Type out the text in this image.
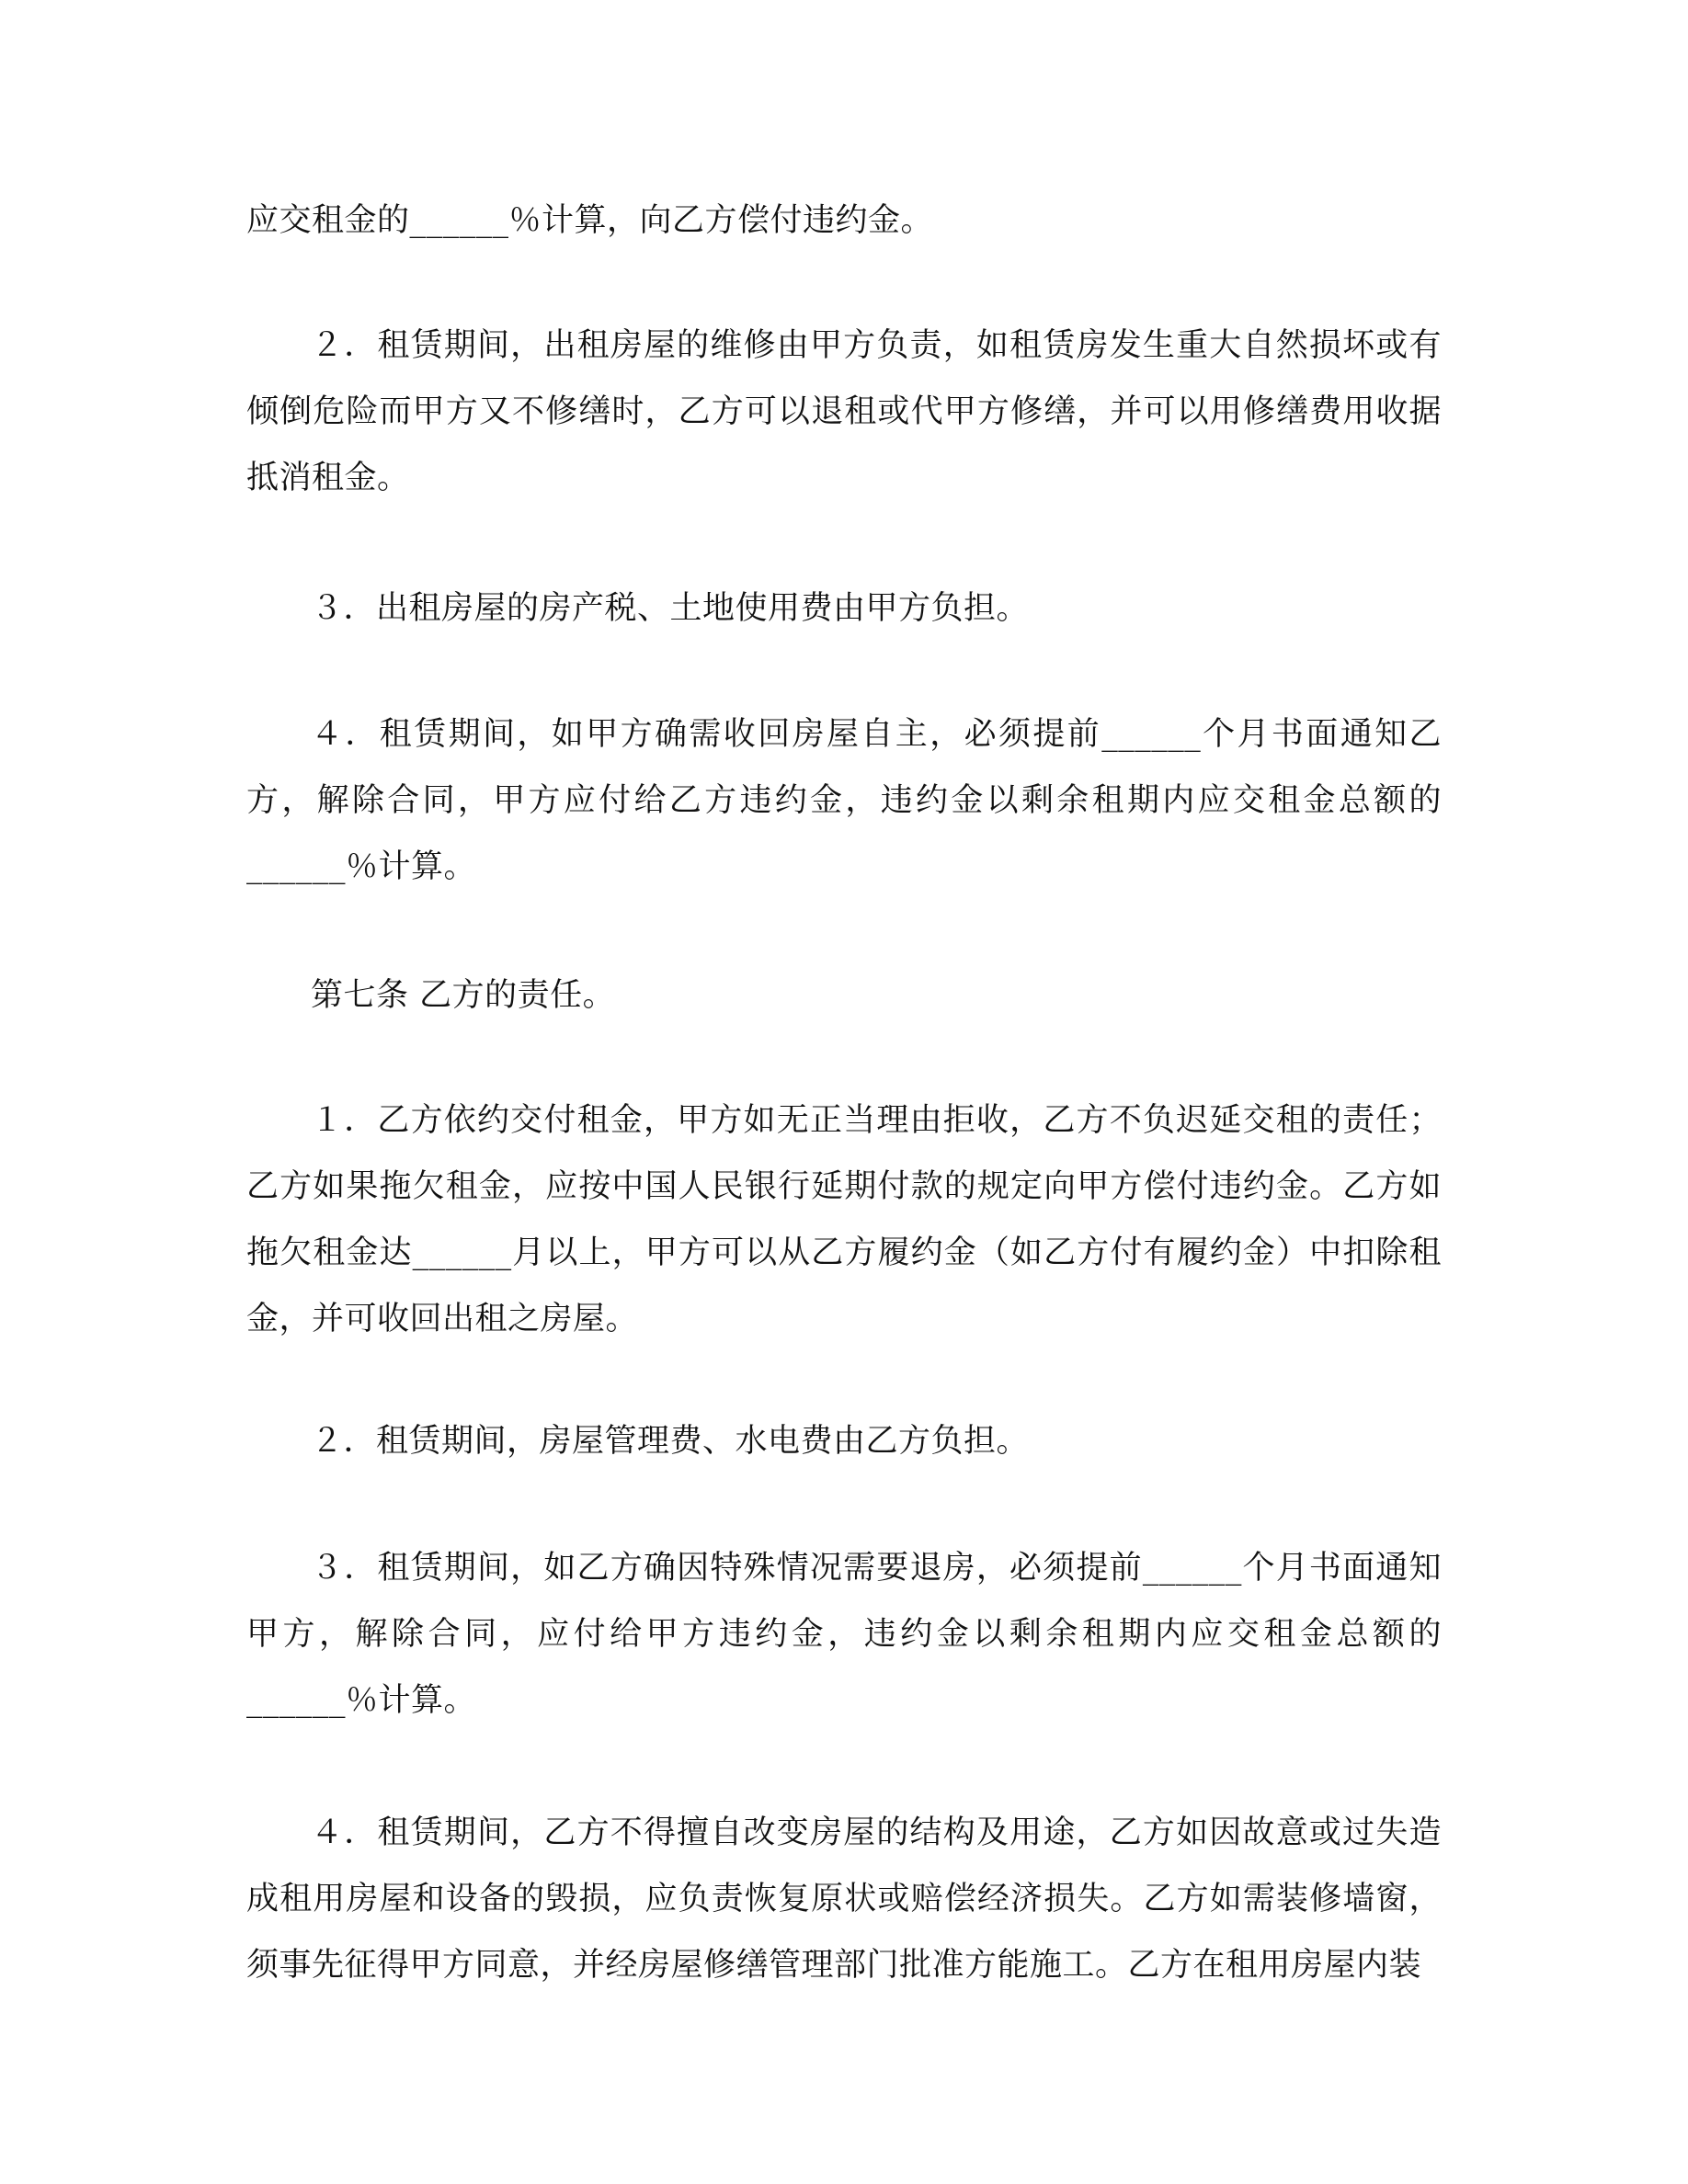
应交租金的______％计算，向乙方偿付违约金。
２．租赁期间，出租房屋的维修由甲方负责，如租赁房发生重大自然损坏或有倾倒危险而甲方又不修缮时，乙方可以退租或代甲方修缮，并可以用修缮费用收据抵消租金。
３．出租房屋的房产税、土地使用费由甲方负担。
４．租赁期间，如甲方确需收回房屋自主，必须提前______个月书面通知乙方，解除合同，甲方应付给乙方违约金，违约金以剩余租期内应交租金总额的______％计算。
第七条 乙方的责任。
１．乙方依约交付租金，甲方如无正当理由拒收，乙方不负迟延交租的责任；乙方如果拖欠租金，应按中国人民银行延期付款的规定向甲方偿付违约金。乙方如拖欠租金达______月以上，甲方可以从乙方履约金（如乙方付有履约金）中扣除租金，并可收回出租之房屋。
２．租赁期间，房屋管理费、水电费由乙方负担。
３．租赁期间，如乙方确因特殊情况需要退房，必须提前______个月书面通知甲方，解除合同，应付给甲方违约金，违约金以剩余租期内应交租金总额的______％计算。
４．租赁期间，乙方不得擅自改变房屋的结构及用途，乙方如因故意或过失造成租用房屋和设备的毁损，应负责恢复原状或赔偿经济损失。乙方如需装修墙窗，须事先征得甲方同意，并经房屋修缮管理部门批准方能施工。乙方在租用房屋内装
